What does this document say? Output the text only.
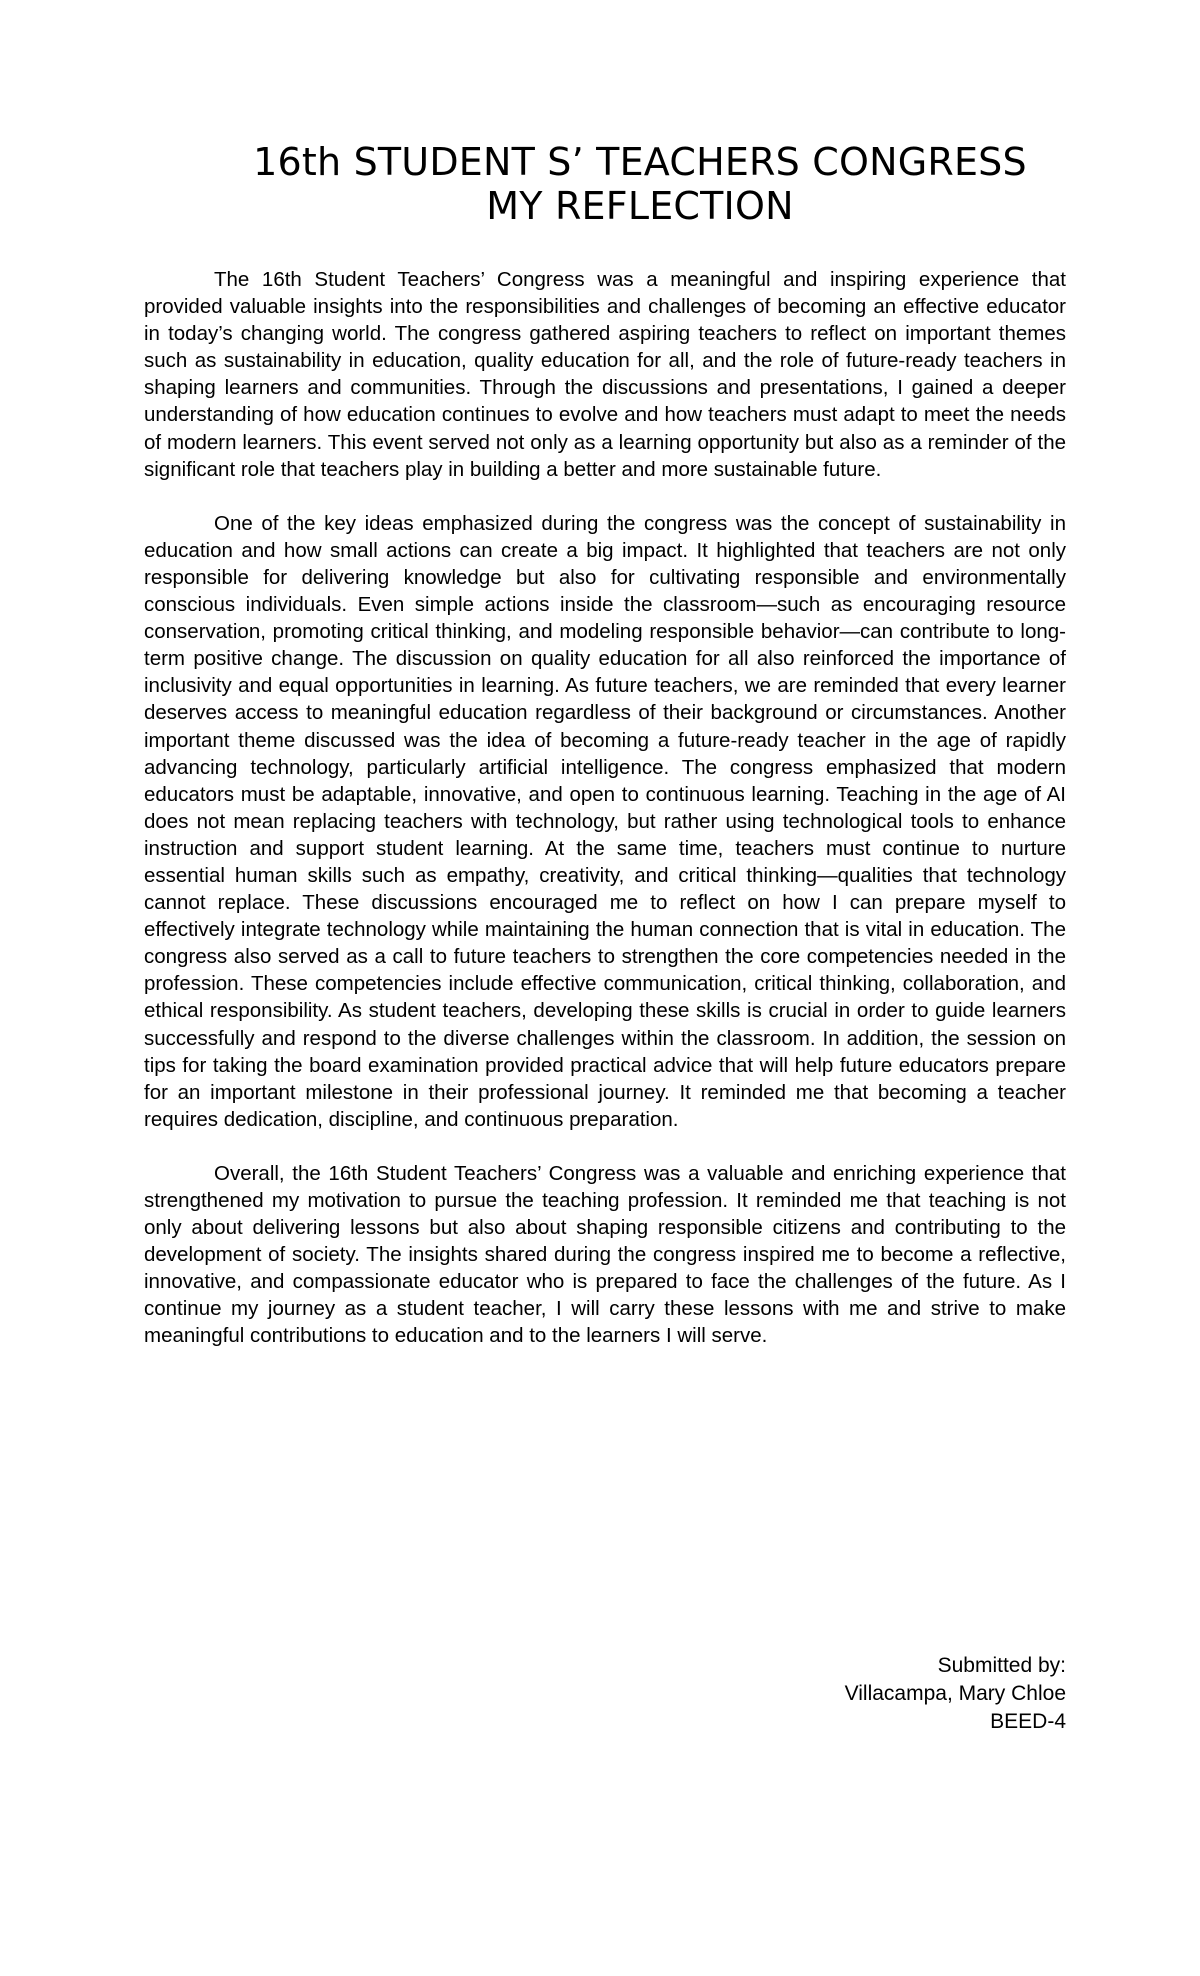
16th STUDENT S’ TEACHERS CONGRESS
MY REFLECTION

The 16th Student Teachers’ Congress was a meaningful and inspiring experience that provided valuable insights into the responsibilities and challenges of becoming an effective educator in today’s changing world. The congress gathered aspiring teachers to reflect on important themes such as sustainability in education, quality education for all, and the role of future-ready teachers in shaping learners and communities. Through the discussions and presentations, I gained a deeper understanding of how education continues to evolve and how teachers must adapt to meet the needs of modern learners. This event served not only as a learning opportunity but also as a reminder of the significant role that teachers play in building a better and more sustainable future.

One of the key ideas emphasized during the congress was the concept of sustainability in education and how small actions can create a big impact. It highlighted that teachers are not only responsible for delivering knowledge but also for cultivating responsible and environmentally conscious individuals. Even simple actions inside the classroom—such as encouraging resource conservation, promoting critical thinking, and modeling responsible behavior—can contribute to long-term positive change. The discussion on quality education for all also reinforced the importance of inclusivity and equal opportunities in learning. As future teachers, we are reminded that every learner deserves access to meaningful education regardless of their background or circumstances. Another important theme discussed was the idea of becoming a future-ready teacher in the age of rapidly advancing technology, particularly artificial intelligence. The congress emphasized that modern educators must be adaptable, innovative, and open to continuous learning. Teaching in the age of AI does not mean replacing teachers with technology, but rather using technological tools to enhance instruction and support student learning. At the same time, teachers must continue to nurture essential human skills such as empathy, creativity, and critical thinking—qualities that technology cannot replace. These discussions encouraged me to reflect on how I can prepare myself to effectively integrate technology while maintaining the human connection that is vital in education. The congress also served as a call to future teachers to strengthen the core competencies needed in the profession. These competencies include effective communication, critical thinking, collaboration, and ethical responsibility. As student teachers, developing these skills is crucial in order to guide learners successfully and respond to the diverse challenges within the classroom. In addition, the session on tips for taking the board examination provided practical advice that will help future educators prepare for an important milestone in their professional journey. It reminded me that becoming a teacher requires dedication, discipline, and continuous preparation.

Overall, the 16th Student Teachers’ Congress was a valuable and enriching experience that strengthened my motivation to pursue the teaching profession. It reminded me that teaching is not only about delivering lessons but also about shaping responsible citizens and contributing to the development of society. The insights shared during the congress inspired me to become a reflective, innovative, and compassionate educator who is prepared to face the challenges of the future. As I continue my journey as a student teacher, I will carry these lessons with me and strive to make meaningful contributions to education and to the learners I will serve.

Submitted by:
Villacampa, Mary Chloe
BEED-4
